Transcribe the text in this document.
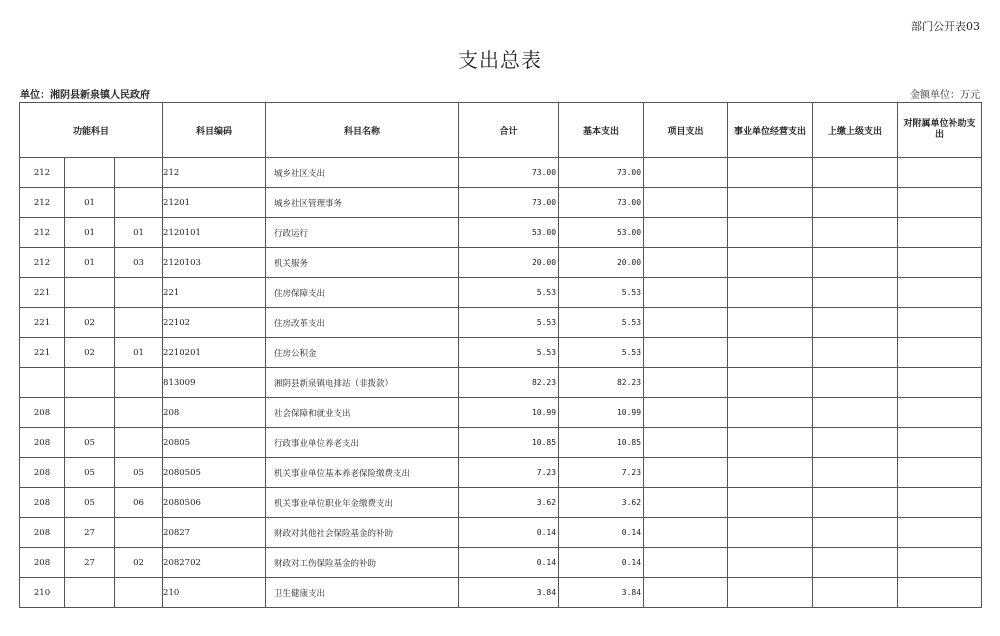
部门公开表03
支出总表
单位：湘阴县新泉镇人民政府	金额单位：万元
功能科目			科目编码	科目名称	合计	基本支出	项目支出	事业单位经营支出	上缴上级支出	对附属单位补助支出
212			212	城乡社区支出	73.00	73.00				
212	01		21201	城乡社区管理事务	73.00	73.00				
212	01	01	2120101	行政运行	53.00	53.00				
212	01	03	2120103	机关服务	20.00	20.00				
221			221	住房保障支出	5.53	5.53				
221	02		22102	住房改革支出	5.53	5.53				
221	02	01	2210201	住房公积金	5.53	5.53				
			813009	湘阴县新泉镇电排站（非拨款）	82.23	82.23				
208			208	社会保障和就业支出	10.99	10.99				
208	05		20805	行政事业单位养老支出	10.85	10.85				
208	05	05	2080505	机关事业单位基本养老保险缴费支出	7.23	7.23				
208	05	06	2080506	机关事业单位职业年金缴费支出	3.62	3.62				
208	27		20827	财政对其他社会保险基金的补助	0.14	0.14				
208	27	02	2082702	财政对工伤保险基金的补助	0.14	0.14				
210			210	卫生健康支出	3.84	3.84				
